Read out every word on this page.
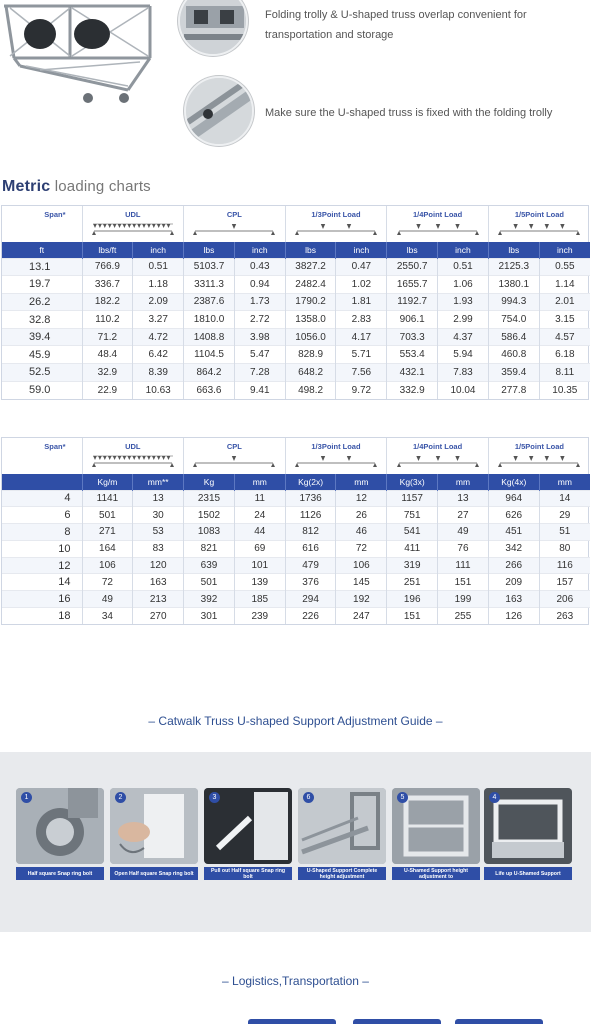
Folding trolly & U-shaped truss overlap convenient for transportation and storage
Make sure the U-shaped truss is fixed with the folding trolly
Metric loading charts
Span*	UDL		CPL		1/3Point Load		1/4Point Load		1/5Point Load	

ft	lbs/ft	inch	lbs	inch	lbs	inch	lbs	inch	lbs	inch
13.1	766.9	0.51	5103.7	0.43	3827.2	0.47	2550.7	0.51	2125.3	0.55
19.7	336.7	1.18	3311.3	0.94	2482.4	1.02	1655.7	1.06	1380.1	1.14
26.2	182.2	2.09	2387.6	1.73	1790.2	1.81	1192.7	1.93	994.3	2.01
32.8	110.2	3.27	1810.0	2.72	1358.0	2.83	906.1	2.99	754.0	3.15
39.4	71.2	4.72	1408.8	3.98	1056.0	4.17	703.3	4.37	586.4	4.57
45.9	48.4	6.42	1104.5	5.47	828.9	5.71	553.4	5.94	460.8	6.18
52.5	32.9	8.39	864.2	7.28	648.2	7.56	432.1	7.83	359.4	8.11
59.0	22.9	10.63	663.6	9.41	498.2	9.72	332.9	10.04	277.8	10.35
Span*	UDL		CPL		1/3Point Load		1/4Point Load		1/5Point Load	

	Kg/m	mm**	Kg	mm	Kg(2x)	mm	Kg(3x)	mm	Kg(4x)	mm
4	1141	13	2315	11	1736	12	1157	13	964	14
6	501	30	1502	24	1126	26	751	27	626	29
8	271	53	1083	44	812	46	541	49	451	51
10	164	83	821	69	616	72	411	76	342	80
12	106	120	639	101	479	106	319	111	266	116
14	72	163	501	139	376	145	251	151	209	157
16	49	213	392	185	294	192	196	199	163	206
18	34	270	301	239	226	247	151	255	126	263
– Catwalk Truss U-shaped Support Adjustment Guide –
1
Half square Snap ring bolt
2
Open Half square Snap ring bolt
3
Pull out Half square Snap ring bolt
6
U-Shaped Support Complete height adjustment
5
U-Shamed Support height adjustment to
4
Life up U-Shamed Support
– Logistics,Transportation –
